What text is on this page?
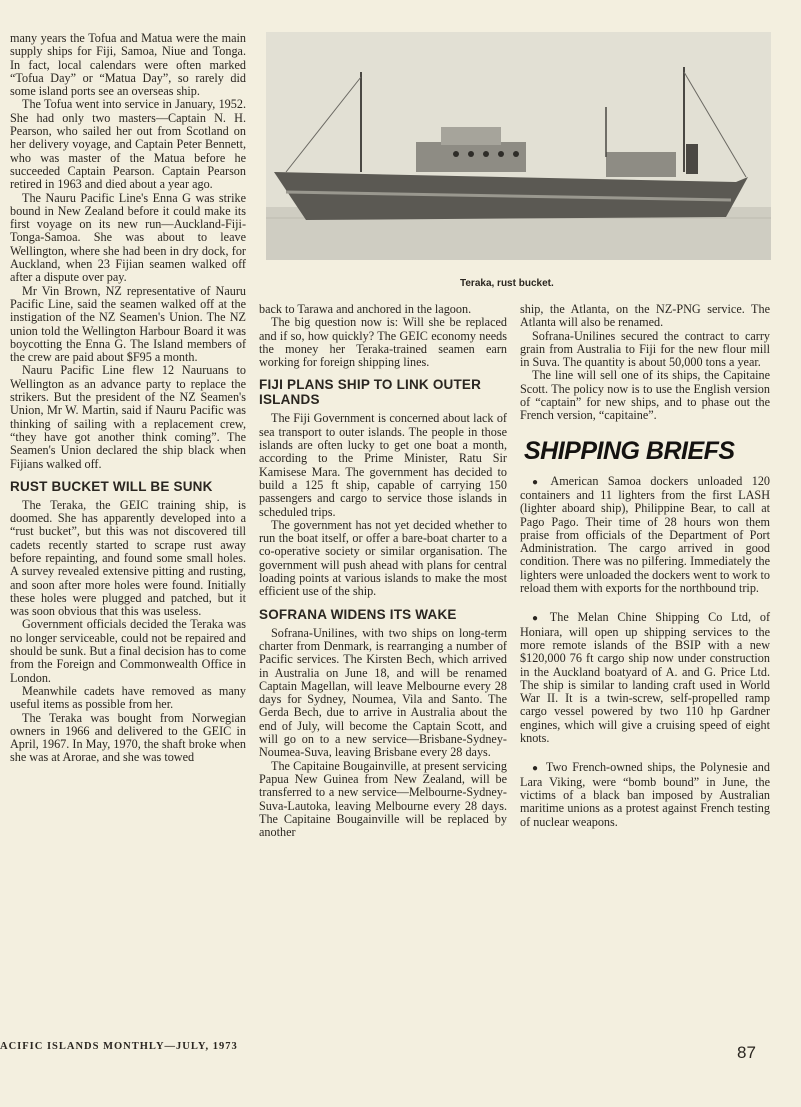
Teraka, rust bucket.

many years the Tofua and Matua were the main supply ships for Fiji, Samoa, Niue and Tonga. In fact, local calendars were often marked “Tofua Day” or “Matua Day”, so rarely did some island ports see an overseas ship.

The Tofua went into service in January, 1952. She had only two masters—Captain N. H. Pearson, who sailed her out from Scotland on her delivery voyage, and Captain Peter Bennett, who was master of the Matua before he succeeded Captain Pearson. Captain Pearson retired in 1963 and died about a year ago.

The Nauru Pacific Line's Enna G was strike bound in New Zealand before it could make its first voyage on its new run—Auckland-Fiji-Tonga-Samoa. She was about to leave Wellington, where she had been in dry dock, for Auckland, when 23 Fijian seamen walked off after a dispute over pay.

Mr Vin Brown, NZ representative of Nauru Pacific Line, said the seamen walked off at the instigation of the NZ Seamen's Union. The NZ union told the Wellington Harbour Board it was boycotting the Enna G. The Island members of the crew are paid about $F95 a month.

Nauru Pacific Line flew 12 Nauruans to Wellington as an advance party to replace the strikers. But the president of the NZ Seamen's Union, Mr W. Martin, said if Nauru Pacific was thinking of sailing with a replacement crew, “they have got another think coming”. The Seamen's Union declared the ship black when Fijians walked off.

RUST BUCKET WILL BE SUNK

The Teraka, the GEIC training ship, is doomed. She has apparently developed into a “rust bucket”, but this was not discovered till cadets recently started to scrape rust away before repainting, and found some small holes. A survey revealed extensive pitting and rusting, and soon after more holes were found. Initially these holes were plugged and patched, but it was soon obvious that this was useless.

Government officials decided the Teraka was no longer serviceable, could not be repaired and should be sunk. But a final decision has to come from the Foreign and Commonwealth Office in London.

Meanwhile cadets have removed as many useful items as possible from her.

The Teraka was bought from Norwegian owners in 1966 and delivered to the GEIC in April, 1967. In May, 1970, the shaft broke when she was at Arorae, and she was towed

back to Tarawa and anchored in the lagoon.

The big question now is: Will she be replaced and if so, how quickly? The GEIC economy needs the money her Teraka-trained seamen earn working for foreign shipping lines.

FIJI PLANS SHIP TO LINK OUTER ISLANDS

The Fiji Government is concerned about lack of sea transport to outer islands. The people in those islands are often lucky to get one boat a month, according to the Prime Minister, Ratu Sir Kamisese Mara. The government has decided to build a 125 ft ship, capable of carrying 150 passengers and cargo to service those islands in scheduled trips.

The government has not yet decided whether to run the boat itself, or offer a bare-boat charter to a co-operative society or similar organisation. The government will push ahead with plans for central loading points at various islands to make the most efficient use of the ship.

SOFRANA WIDENS ITS WAKE

Sofrana-Unilines, with two ships on long-term charter from Denmark, is rearranging a number of Pacific services. The Kirsten Bech, which arrived in Australia on June 18, and will be renamed Captain Magellan, will leave Melbourne every 28 days for Sydney, Noumea, Vila and Santo. The Gerda Bech, due to arrive in Australia about the end of July, will become the Captain Scott, and will go on to a new service—Brisbane-Sydney-Noumea-Suva, leaving Brisbane every 28 days.

The Capitaine Bougainville, at present servicing Papua New Guinea from New Zealand, will be transferred to a new service—Melbourne-Sydney-Suva-Lautoka, leaving Melbourne every 28 days. The Capitaine Bougainville will be replaced by another

ship, the Atlanta, on the NZ-PNG service. The Atlanta will also be renamed.

Sofrana-Unilines secured the contract to carry grain from Australia to Fiji for the new flour mill in Suva. The quantity is about 50,000 tons a year.

The line will sell one of its ships, the Capitaine Scott. The policy now is to use the English version of “captain” for new ships, and to phase out the French version, “capitaine”.

SHIPPING BRIEFS

● American Samoa dockers unloaded 120 containers and 11 lighters from the first LASH (lighter aboard ship), Philippine Bear, to call at Pago Pago. Their time of 28 hours won them praise from officials of the Department of Port Administration. The cargo arrived in good condition. There was no pilfering. Immediately the lighters were unloaded the dockers went to work to reload them with exports for the northbound trip.

● The Melan Chine Shipping Co Ltd, of Honiara, will open up shipping services to the more remote islands of the BSIP with a new $120,000 76 ft cargo ship now under construction in the Auckland boatyard of A. and G. Price Ltd. The ship is similar to landing craft used in World War II. It is a twin-screw, self-propelled ramp cargo vessel powered by two 110 hp Gardner engines, which will give a cruising speed of eight knots.

● Two French-owned ships, the Polynesie and Lara Viking, were “bomb bound” in June, the victims of a black ban imposed by Australian maritime unions as a protest against French testing of nuclear weapons.

ACIFIC ISLANDS MONTHLY—JULY, 1973	87
